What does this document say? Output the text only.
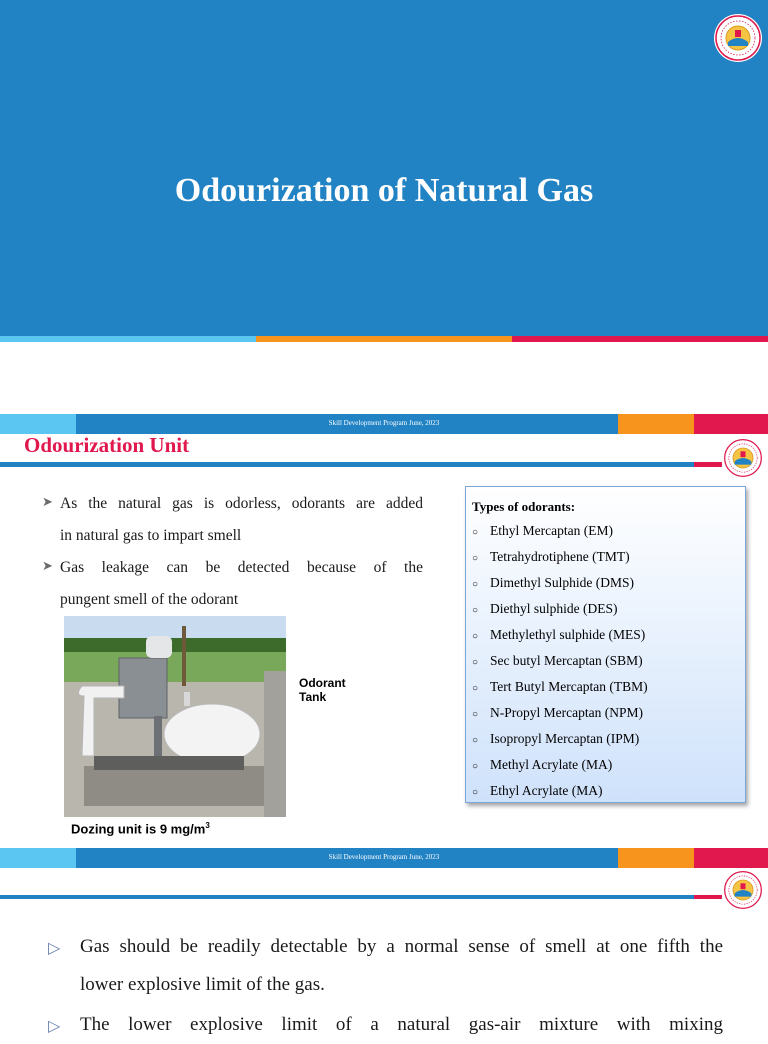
Odourization of Natural Gas
Skill Development Program June, 2023
Odourization Unit
➤ As the natural gas is odorless, odorants are added
in natural gas to impart smell
➤ Gas leakage can be detected because of the
pungent smell of the odorant
Odorant
Tank
Dozing unit is 9 $mg/m^3$
Types of odorants:
○ Ethyl Mercaptan (EM)
○ Tetrahydrotiphene (TMT)
○ Dimethyl Sulphide (DMS)
○ Diethyl sulphide (DES)
○ Methylethyl sulphide (MES)
○ Sec butyl Mercaptan (SBM)
○ Tert Butyl Mercaptan (TBM)
○ N-Propyl Mercaptan (NPM)
○ Isopropyl Mercaptan (IPM)
○ Methyl Acrylate (MA)
○ Ethyl Acrylate (MA)
Skill Development Program June, 2023
▷ Gas should be readily detectable by a normal sense of smell at one fifth the
lower explosive limit of the gas.
▷ The lower explosive limit of a natural gas-air mixture with mixing
